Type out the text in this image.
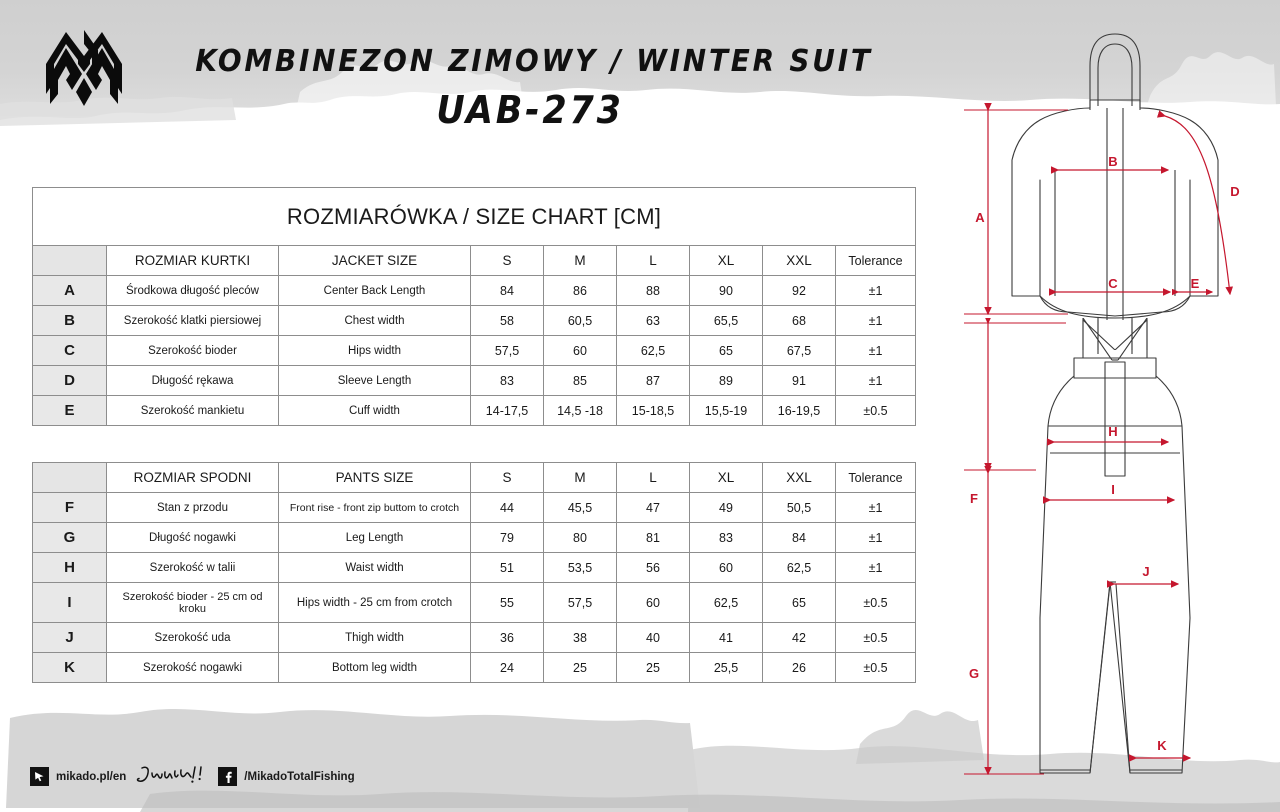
KOMBINEZON ZIMOWY / WINTER SUIT
UAB-273
ROZMIARÓWKA / SIZE CHART [CM]								
	ROZMIAR KURTKI	JACKET SIZE	S	M	L	XL	XXL	Tolerance
A	Środkowa długość pleców	Center Back Length	84	86	88	90	92	±1
B	Szerokość klatki piersiowej	Chest width	58	60,5	63	65,5	68	±1
C	Szerokość bioder	Hips width	57,5	60	62,5	65	67,5	±1
D	Długość rękawa	Sleeve Length	83	85	87	89	91	±1
E	Szerokość mankietu	Cuff width	14-17,5	14,5 -18	15-18,5	15,5-19	16-19,5	±0.5
	ROZMIAR SPODNI	PANTS SIZE	S	M	L	XL	XXL	Tolerance
F	Stan z przodu	Front rise - front zip buttom to crotch	44	45,5	47	49	50,5	±1
G	Długość nogawki	Leg Length	79	80	81	83	84	±1
H	Szerokość w talii	Waist width	51	53,5	56	60	62,5	±1
I	Szerokość bioder - 25 cm od kroku	Hips width - 25 cm from crotch	55	57,5	60	62,5	65	±0.5
J	Szerokość uda	Thigh width	36	38	40	41	42	±0.5
K	Szerokość nogawki	Bottom leg width	24	25	25	25,5	26	±0.5
A
B
C
D
E
F
G
H
I
J
K
mikado.pl/en	/MikadoTotalFishing
